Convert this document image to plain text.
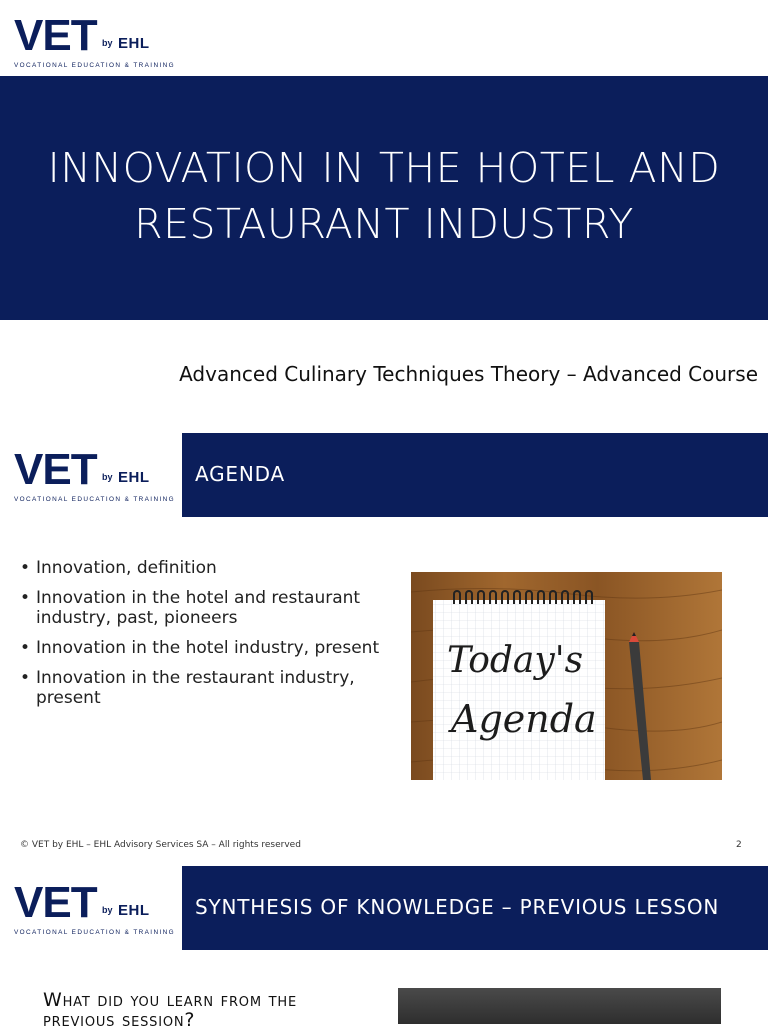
VET by EHL
VOCATIONAL EDUCATION & TRAINING
INNOVATION IN THE HOTEL AND
RESTAURANT INDUSTRY
Advanced Culinary Techniques Theory – Advanced Course
VET by EHL
VOCATIONAL EDUCATION & TRAINING
AGENDA
• Innovation, definition
• Innovation in the hotel and restaurant industry, past, pioneers
• Innovation in the hotel industry, present
• Innovation in the restaurant industry, present
Today's
Agenda
© VET by EHL – EHL Advisory Services SA – All rights reserved	2
VET by EHL
VOCATIONAL EDUCATION & TRAINING
SYNTHESIS OF KNOWLEDGE – PREVIOUS LESSON
What did you learn from the
previous session?
